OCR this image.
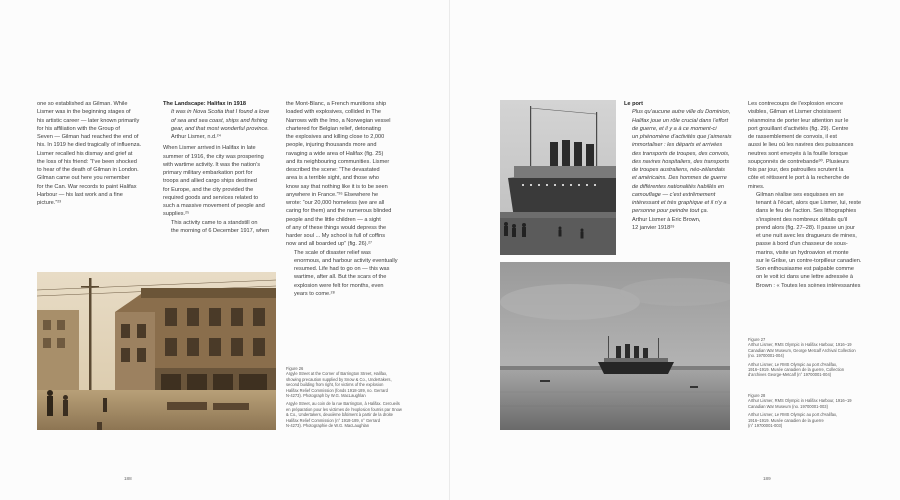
one so established as Gilman. While
Lismer was in the beginning stages of
his artistic career — later known primarily
for his affiliation with the Group of
Seven — Gilman had reached the end of
his. In 1919 he died tragically of influenza.
Lismer recalled his dismay and grief at
the loss of his friend: “I’ve been shocked
to hear of the death of Gilman in London.
Gilman came out here you remember
for the Can. War records to paint Halifax
Harbour — his last work and a fine
picture.”²³

The Landscape: Halifax in 1918

It was in Nova Scotia that I found a love
of sea and sea coast, ships and fishing
gear, and that most wonderful province.

Arthur Lismer, n.d.²⁴

When Lismer arrived in Halifax in late
summer of 1916, the city was prospering
with wartime activity. It was the nation’s
primary military embarkation port for
troops and allied cargo ships destined
for Europe, and the city provided the
required goods and services related to
such a massive movement of people and
supplies.²⁵

This activity came to a standstill on
the morning of 6 December 1917, when

the Mont-Blanc, a French munitions ship
loaded with explosives, collided in The
Narrows with the Imo, a Norwegian vessel
chartered for Belgian relief, detonating
the explosives and killing close to 2,000
people, injuring thousands more and
ravaging a wide area of Halifax (fig. 25)
and its neighbouring communities. Lismer
described the scene: “The devastated
area is a terrible sight, and those who
know say that nothing like it is to be seen
anywhere in France.”²⁶ Elsewhere he
wrote: “our 20,000 homeless (we are all
caring for them) and the numerous blinded
people and the little children — a sight
of any of these things would depress the
harder soul ... My school is full of coffins
now and all boarded up” (fig. 26).²⁷

The scale of disaster relief was
enormous, and harbour activity eventually
resumed. Life had to go on — this was
wartime, after all. But the scars of the
explosion were felt for months, even
years to come.²⁸

Figure 26
Argyle Street at the Corner of Barrington Street, Halifax,
showing precaution supplied by Snow & Co., Undertakers,
second building from right, for victims of the explosion
Halifax Relief Commission (fonds 1918-189, no. Gerrard
N-4273). Photograph by W.G. MacLaughlan

Argyle Street, au coin de la rue Barrington, à Halifax. Cercueils
en préparation pour les victimes de l’explosion fournis par Snow
& Co., Undertakers, deuxième bâtiment à partir de la droite
Halifax Relief Commission (n° 1918-189, n° Gerrard
N-4273). Photographie de W.G. MacLaughlan

188

Le port

Plus qu’aucune autre ville du Dominion,
Halifax joue un rôle crucial dans l’effort
de guerre, et il y a à ce moment-ci
un phénomène d’activités que j’aimerais
immortaliser : les départs et arrivées
des transports de troupes, des convois,
des navires hospitaliers, des transports
de troupes australiens, néo-zélandais
et américains. Des hommes de guerre
de différentes nationalités habillés en
camouflage — c’est extrêmement
intéressant et très graphique et il n’y a
personne pour peindre tout ça.

Arthur Lismer à Eric Brown,
12 janvier 1918²⁹

Les contrecoups de l’explosion encore
visibles, Gilman et Lismer choisissent
néanmoins de porter leur attention sur le
port grouillant d’activités (fig. 29). Centre
de rassemblement de convois, il est
aussi le lieu où les navires des puissances
neutres sont envoyés à la fouille lorsque
soupçonnés de contrebande³⁰. Plusieurs
fois par jour, des patrouilles scrutent la
côte et rétissent le port à la recherche de
mines.

Gilman réalise ses esquisses en se
tenant à l’écart, alors que Lismer, lui, reste
dans le feu de l’action. Ses lithographies
s’inspirent des nombreux détails qu’il
prend alors (fig. 27–28). Il passe un jour
et une nuit avec les dragueurs de mines,
passe à bord d’un chasseur de sous-
marins, visite un hydroavion et monte
sur le Grilse, un contre-torpilleur canadien.
Son enthousiasme est palpable comme
on le voit ici dans une lettre adressée à
Brown : « Toutes les scènes intéressantes

Figure 27
Arthur Lismer, RMS Olympic in Halifax Harbour, 1916–19
Canadian War Museum, George Metcalf Archival Collection
(no. 19700001-004)

Arthur Lismer, Le RMS Olympic au port d’Halifax,
1916–1919. Musée canadien de la guerre, Collection
d’archives George-Metcalf (n° 19700001-004)

Figure 28
Arthur Lismer, RMS Olympic in Halifax Harbour, 1916–19
Canadian War Museum (no. 19700001-003)

Arthur Lismer, Le RMS Olympic au port d’Halifax,
1916–1919. Musée canadien de la guerre
(n° 19700001-003)

189
